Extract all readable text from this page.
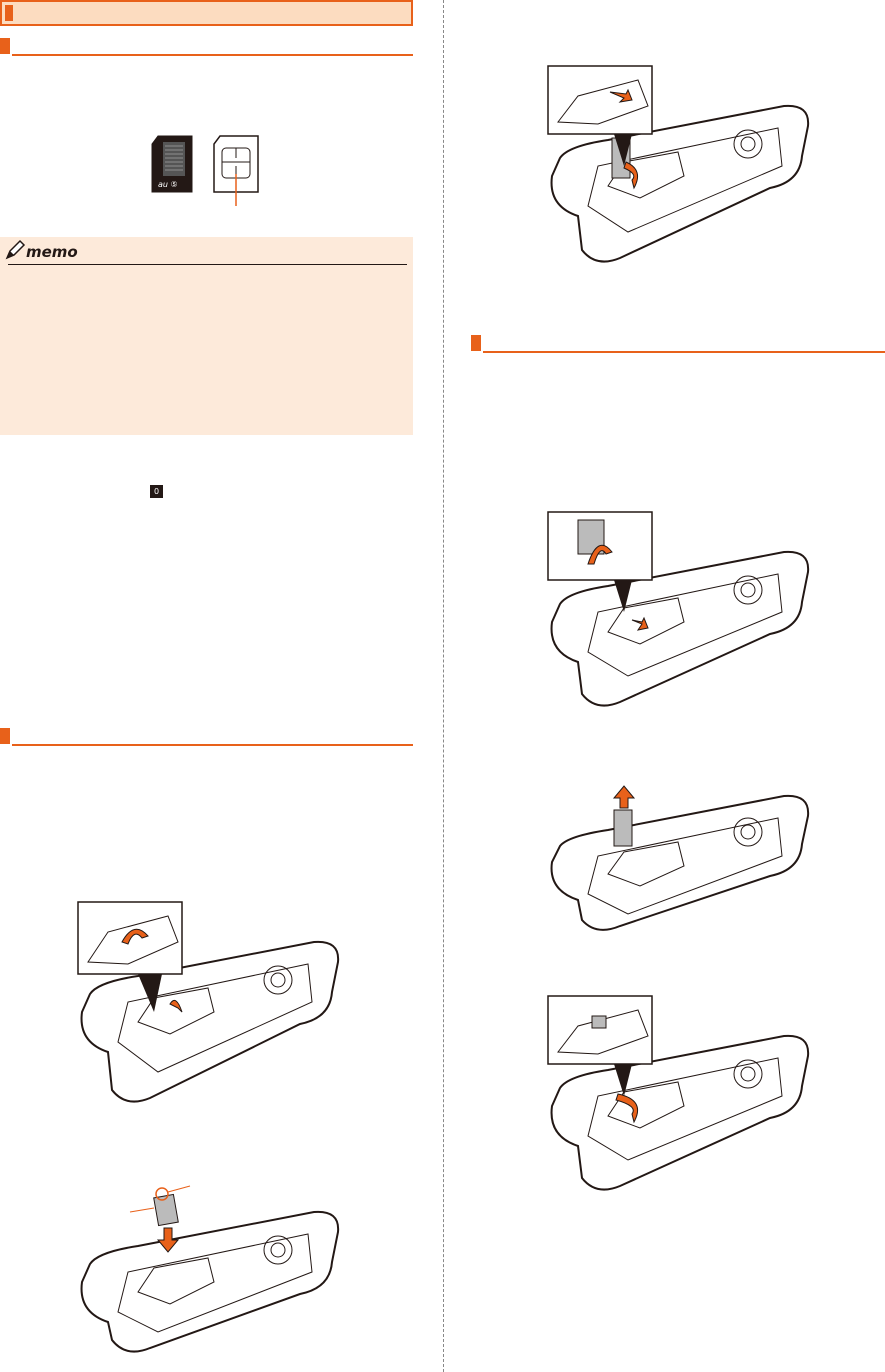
au ⑤
memo
0
